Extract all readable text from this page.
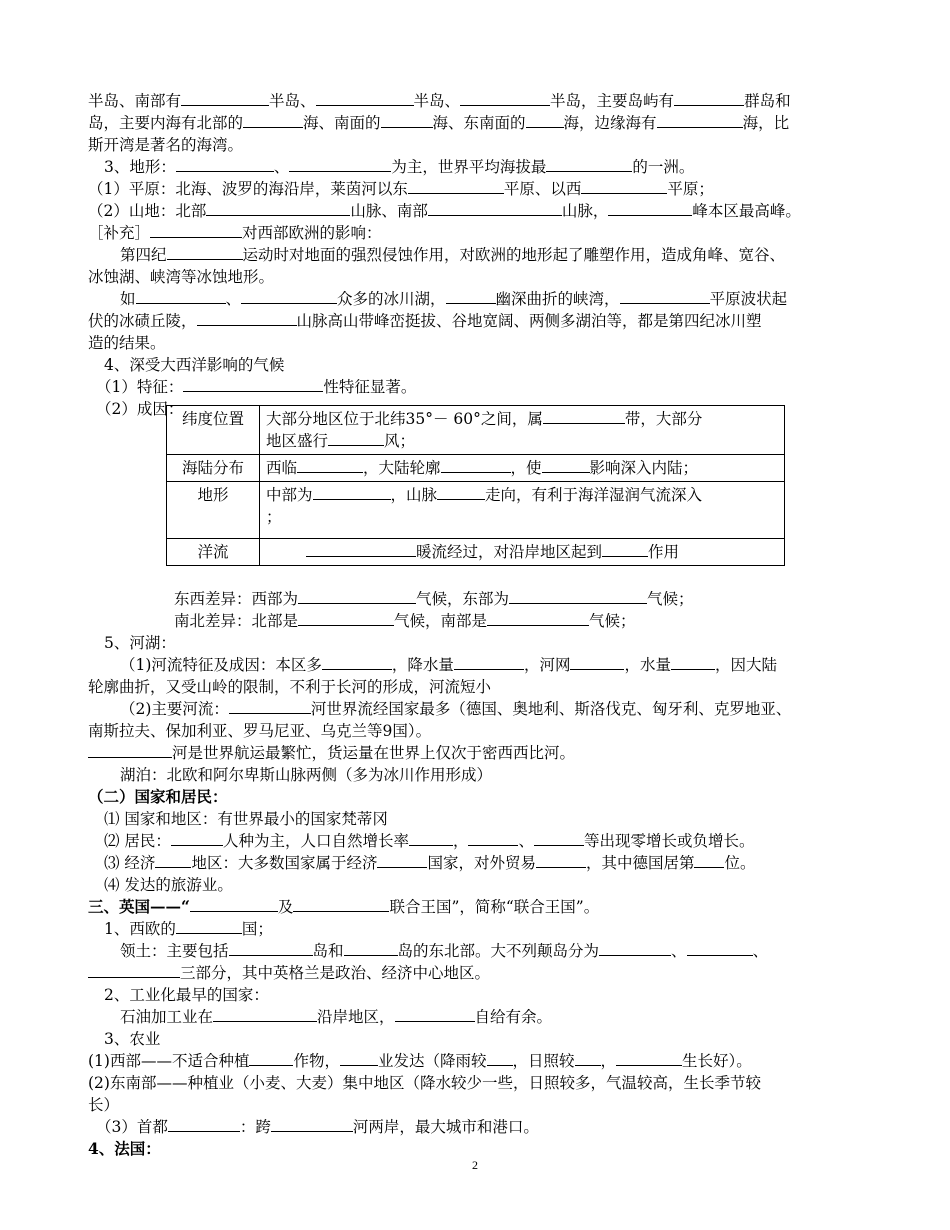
半岛、南部有	半岛、	半岛、	半岛，主要岛屿有	群岛和
岛，主要内海有北部的	海、南面的	海、东南面的 海，边缘海有	海，比
斯开湾是著名的海湾。
3、地形：	、	为主，世界平均海拔最	的一洲。
（1）平原：北海、波罗的海沿岸，莱茵河以东	平原、以西	平原；
（2）山地：北部	山脉、南部	山脉，	峰本区最高峰。
［补充］	对西部欧洲的影响：
第四纪	运动时对地面的强烈侵蚀作用，对欧洲的地形起了雕塑作用，造成角峰、宽谷、
冰蚀湖、峡湾等冰蚀地形。
如	、	众多的冰川湖，	幽深曲折的峡湾，	平原波状起
伏的冰碛丘陵，	山脉高山带峰峦挺拔、谷地宽阔、两侧多湖泊等，都是第四纪冰川塑
造的结果。
4、深受大西洋影响的气候
（1）特征：	性特征显著。
（2）成因：
纬度位置	大部分地区位于北纬35°－ 60°之间，属 带，大部分
地区盛行 风；
海陆分布	西临 ，大陆轮廓 ，使 影响深入内陆；
地形	中部为 ，山脉 走向，有利于海洋湿润气流深入
；
洋流	暖流经过，对沿岸地区起到 作用
东西差异：西部为	气候，东部为	气候；
南北差异：北部是	气候，南部是	气候；
5、河湖：
（1)河流特征及成因：本区多	，降水量	，河网	，水量	，因大陆
轮廓曲折，又受山岭的限制，不利于长河的形成，河流短小
（2)主要河流：	河世界流经国家最多（德国、奥地利、斯洛伐克、匈牙利、克罗地亚、
南斯拉夫、保加利亚、罗马尼亚、乌克兰等9国）。
河是世界航运最繁忙，货运量在世界上仅次于密西西比河。
湖泊：北欧和阿尔卑斯山脉两侧（多为冰川作用形成）
（二）国家和居民：
⑴ 国家和地区：有世界最小的国家梵蒂冈
⑵ 居民：	人种为主，人口自然增长率	，	、	等出现零增长或负增长。
⑶ 经济 地区：大多数国家属于经济	国家，对外贸易	，其中德国居第 位。
⑷ 发达的旅游业。
三、英国——“	及	联合王国”，简称“联合王国”。
1、西欧的	国；
领土：主要包括	岛和	岛的东北部。大不列颠岛分为	、	、
三部分，其中英格兰是政治、经济中心地区。
2、工业化最早的国家：
石油加工业在	沿岸地区，	自给有余。
3、农业
(1)西部——不适合种植	作物， 业发达（降雨较 ，日照较 ，	生长好）。
(2)东南部——种植业（小麦、大麦）集中地区（降水较少一些，日照较多，气温较高，生长季节较
长）
（3）首都	：跨	河两岸，最大城市和港口。
4、法国：
2
